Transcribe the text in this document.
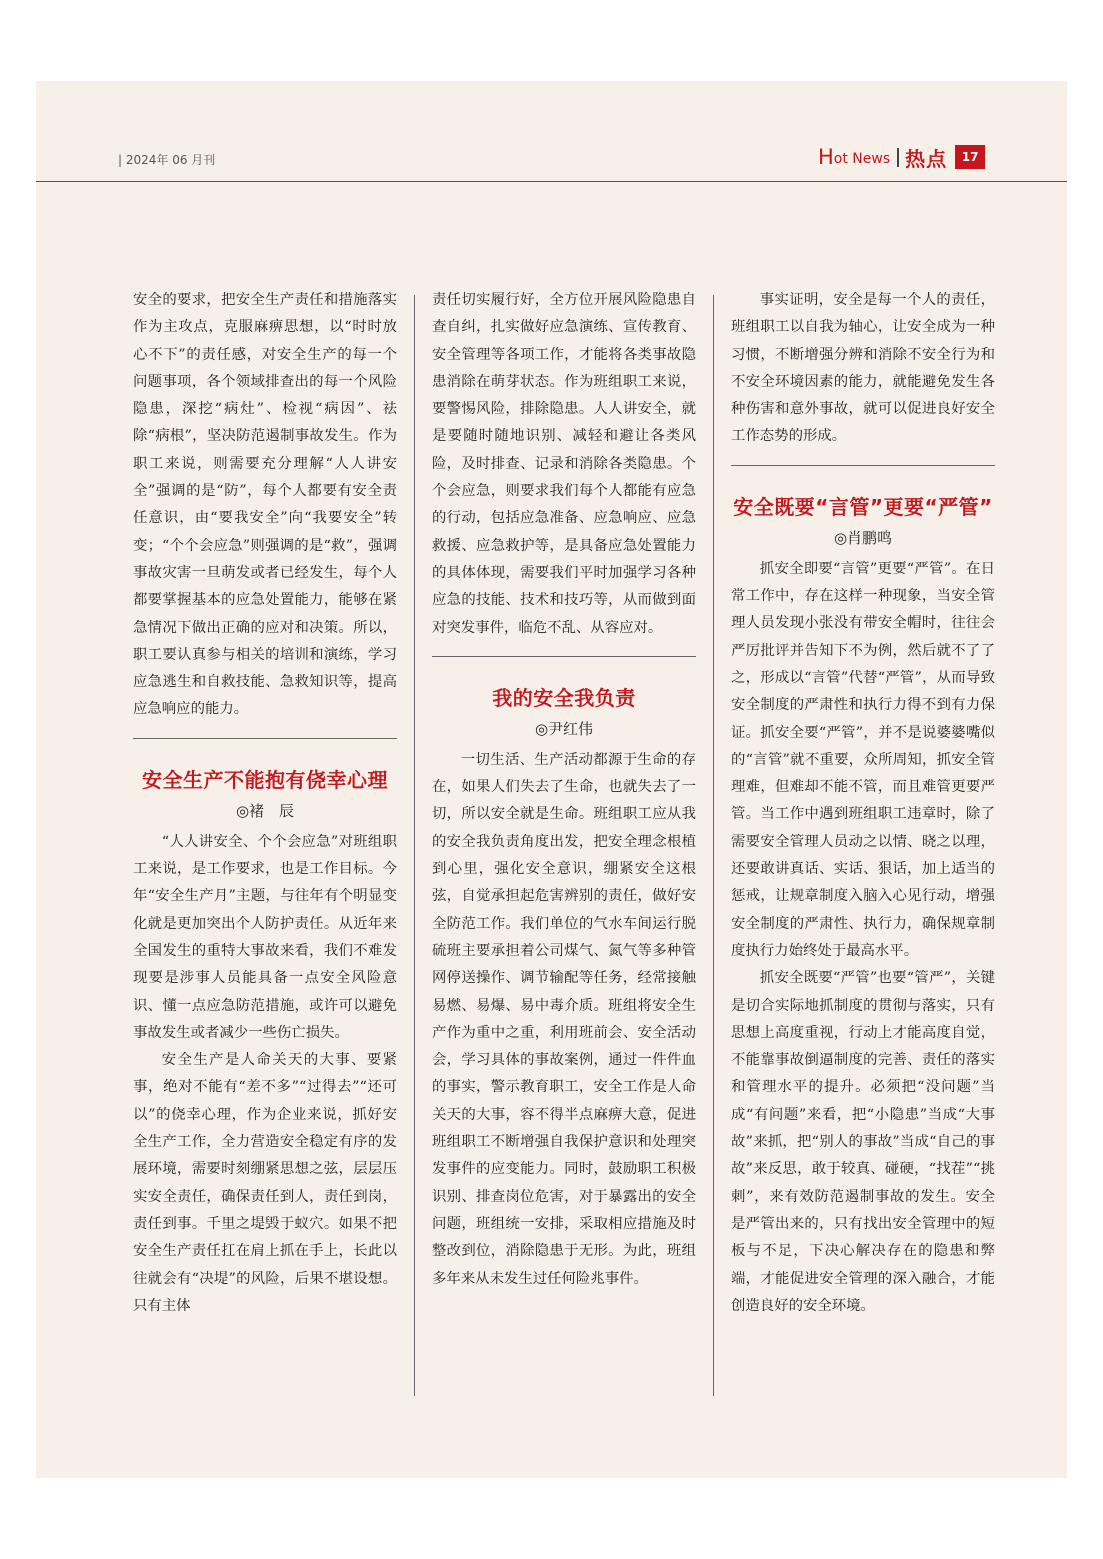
| 2024年 06 月刊	H ot News 热点	17

安全的要求，把安全生产责任和措施落实作为主攻点，克服麻痹思想，以“时时放心不下”的责任感，对安全生产的每一个问题事项，各个领域排查出的每一个风险隐患，深挖“病灶”、检视“病因”、祛除“病根”，坚决防范遏制事故发生。作为职工来说，则需要充分理解“人人讲安全”强调的是“防”，每个人都要有安全责任意识，由“要我安全”向“我要安全”转变；“个个会应急”则强调的是“救”，强调事故灾害一旦萌发或者已经发生，每个人都要掌握基本的应急处置能力，能够在紧急情况下做出正确的应对和决策。所以，职工要认真参与相关的培训和演练，学习应急逃生和自救技能、急救知识等，提高应急响应的能力。

安全生产不能抱有侥幸心理
◎褚　辰

“人人讲安全、个个会应急”对班组职工来说，是工作要求，也是工作目标。今年“安全生产月”主题，与往年有个明显变化就是更加突出个人防护责任。从近年来全国发生的重特大事故来看，我们不难发现要是涉事人员能具备一点安全风险意识、懂一点应急防范措施，或许可以避免事故发生或者减少一些伤亡损失。

安全生产是人命关天的大事、要紧事，绝对不能有“差不多”“过得去”“还可以”的侥幸心理，作为企业来说，抓好安全生产工作，全力营造安全稳定有序的发展环境，需要时刻绷紧思想之弦，层层压实安全责任，确保责任到人，责任到岗，责任到事。千里之堤毁于蚁穴。如果不把安全生产责任扛在肩上抓在手上，长此以往就会有“决堤”的风险，后果不堪设想。只有主体

责任切实履行好，全方位开展风险隐患自查自纠，扎实做好应急演练、宣传教育、安全管理等各项工作，才能将各类事故隐患消除在萌芽状态。作为班组职工来说，要警惕风险，排除隐患。人人讲安全，就是要随时随地识别、减轻和避让各类风险，及时排查、记录和消除各类隐患。个个会应急，则要求我们每个人都能有应急的行动，包括应急准备、应急响应、应急救援、应急救护等，是具备应急处置能力的具体体现，需要我们平时加强学习各种应急的技能、技术和技巧等，从而做到面对突发事件，临危不乱、从容应对。

我的安全我负责
◎尹红伟

一切生活、生产活动都源于生命的存在，如果人们失去了生命，也就失去了一切，所以安全就是生命。班组职工应从我的安全我负责角度出发，把安全理念根植到心里，强化安全意识，绷紧安全这根弦，自觉承担起危害辨别的责任，做好安全防范工作。我们单位的气水车间运行脱硫班主要承担着公司煤气、氮气等多种管网停送操作、调节输配等任务，经常接触易燃、易爆、易中毒介质。班组将安全生产作为重中之重，利用班前会、安全活动会，学习具体的事故案例，通过一件件血的事实，警示教育职工，安全工作是人命关天的大事，容不得半点麻痹大意，促进班组职工不断增强自我保护意识和处理突发事件的应变能力。同时，鼓励职工积极识别、排查岗位危害，对于暴露出的安全问题，班组统一安排，采取相应措施及时整改到位，消除隐患于无形。为此，班组多年来从未发生过任何险兆事件。

事实证明，安全是每一个人的责任，班组职工以自我为轴心，让安全成为一种习惯，不断增强分辨和消除不安全行为和不安全环境因素的能力，就能避免发生各种伤害和意外事故，就可以促进良好安全工作态势的形成。

安全既要“言管”更要“严管”
◎肖鹏鸣

抓安全即要“言管”更要“严管”。在日常工作中，存在这样一种现象，当安全管理人员发现小张没有带安全帽时，往往会严厉批评并告知下不为例，然后就不了了之，形成以“言管”代替“严管”，从而导致安全制度的严肃性和执行力得不到有力保证。抓安全要“严管”，并不是说婆婆嘴似的“言管”就不重要，众所周知，抓安全管理难，但难却不能不管，而且难管更要严管。当工作中遇到班组职工违章时，除了需要安全管理人员动之以情、晓之以理，还要敢讲真话、实话、狠话，加上适当的惩戒，让规章制度入脑入心见行动，增强安全制度的严肃性、执行力，确保规章制度执行力始终处于最高水平。

抓安全既要“严管”也要“管严”，关键是切合实际地抓制度的贯彻与落实，只有思想上高度重视，行动上才能高度自觉，不能靠事故倒逼制度的完善、责任的落实和管理水平的提升。必须把“没问题”当成“有问题”来看，把“小隐患”当成“大事故”来抓，把“别人的事故”当成“自己的事故”来反思，敢于较真、碰硬，“找茬”“挑刺”，来有效防范遏制事故的发生。安全是严管出来的，只有找出安全管理中的短板与不足，下决心解决存在的隐患和弊端，才能促进安全管理的深入融合，才能创造良好的安全环境。
